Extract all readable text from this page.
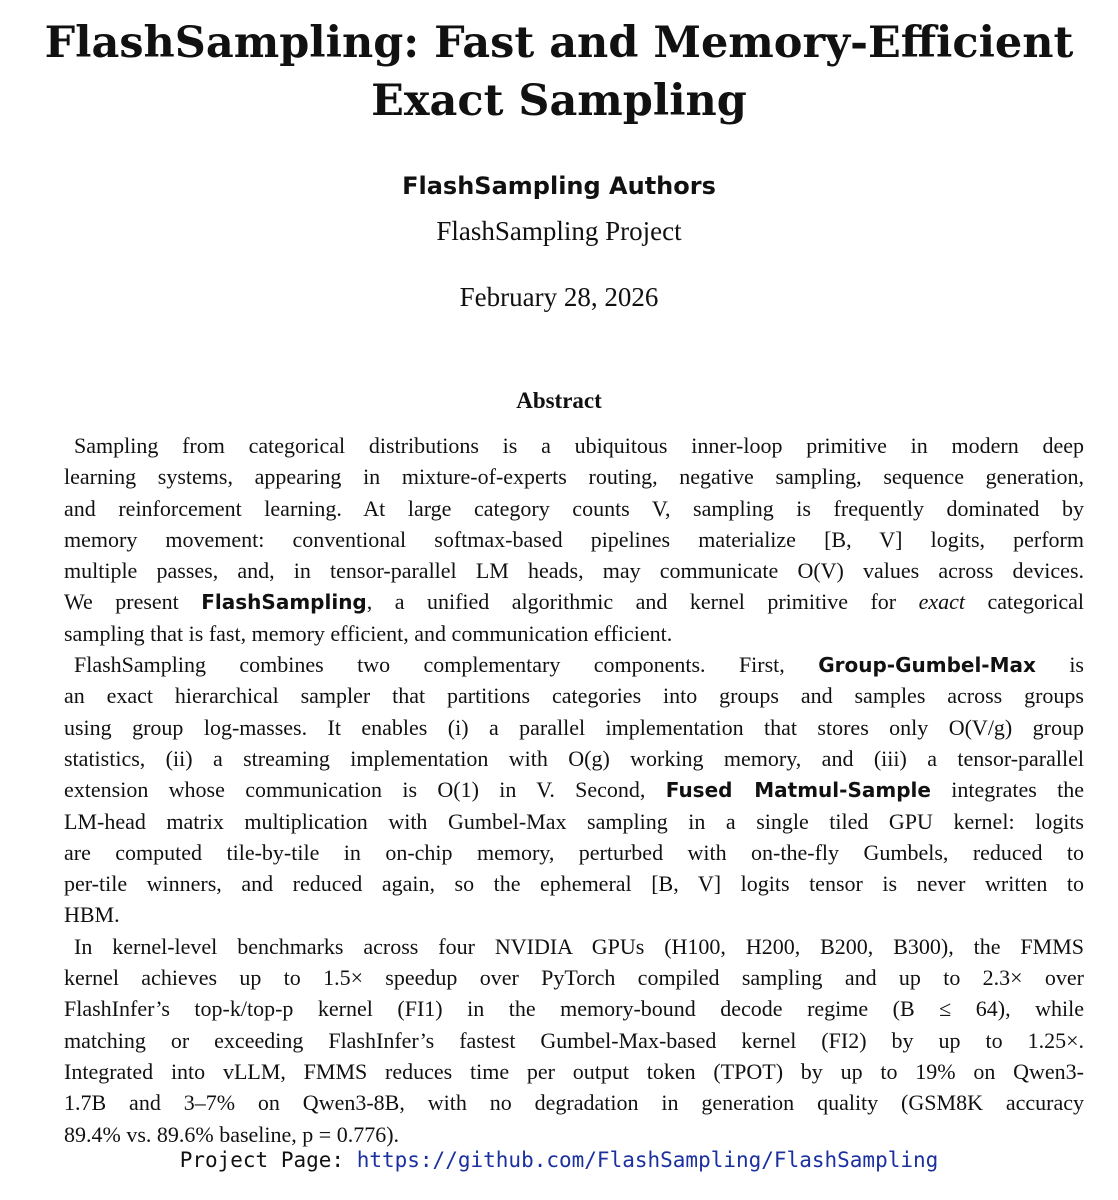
FlashSampling: Fast and Memory-Efficient
Exact Sampling
FlashSampling Authors
FlashSampling Project
February 28, 2026
Abstract
Sampling from categorical distributions is a ubiquitous inner-loop primitive in modern deep
learning systems, appearing in mixture-of-experts routing, negative sampling, sequence generation,
and reinforcement learning. At large category counts V, sampling is frequently dominated by
memory movement: conventional softmax-based pipelines materialize [B, V] logits, perform
multiple passes, and, in tensor-parallel LM heads, may communicate O(V) values across devices.
We present FlashSampling, a unified algorithmic and kernel primitive for exact categorical
sampling that is fast, memory efficient, and communication efficient.
FlashSampling combines two complementary components. First, Group-Gumbel-Max is
an exact hierarchical sampler that partitions categories into groups and samples across groups
using group log-masses. It enables (i) a parallel implementation that stores only O(V/g) group
statistics, (ii) a streaming implementation with O(g) working memory, and (iii) a tensor-parallel
extension whose communication is O(1) in V. Second, Fused Matmul-Sample integrates the
LM-head matrix multiplication with Gumbel-Max sampling in a single tiled GPU kernel: logits
are computed tile-by-tile in on-chip memory, perturbed with on-the-fly Gumbels, reduced to
per-tile winners, and reduced again, so the ephemeral [B, V] logits tensor is never written to
HBM.
In kernel-level benchmarks across four NVIDIA GPUs (H100, H200, B200, B300), the FMMS
kernel achieves up to 1.5× speedup over PyTorch compiled sampling and up to 2.3× over
FlashInfer’s top-k/top-p kernel (FI1) in the memory-bound decode regime (B ≤ 64), while
matching or exceeding FlashInfer’s fastest Gumbel-Max-based kernel (FI2) by up to 1.25×.
Integrated into vLLM, FMMS reduces time per output token (TPOT) by up to 19% on Qwen3-
1.7B and 3–7% on Qwen3-8B, with no degradation in generation quality (GSM8K accuracy
89.4% vs. 89.6% baseline, p = 0.776).
Project Page: https://github.com/FlashSampling/FlashSampling
